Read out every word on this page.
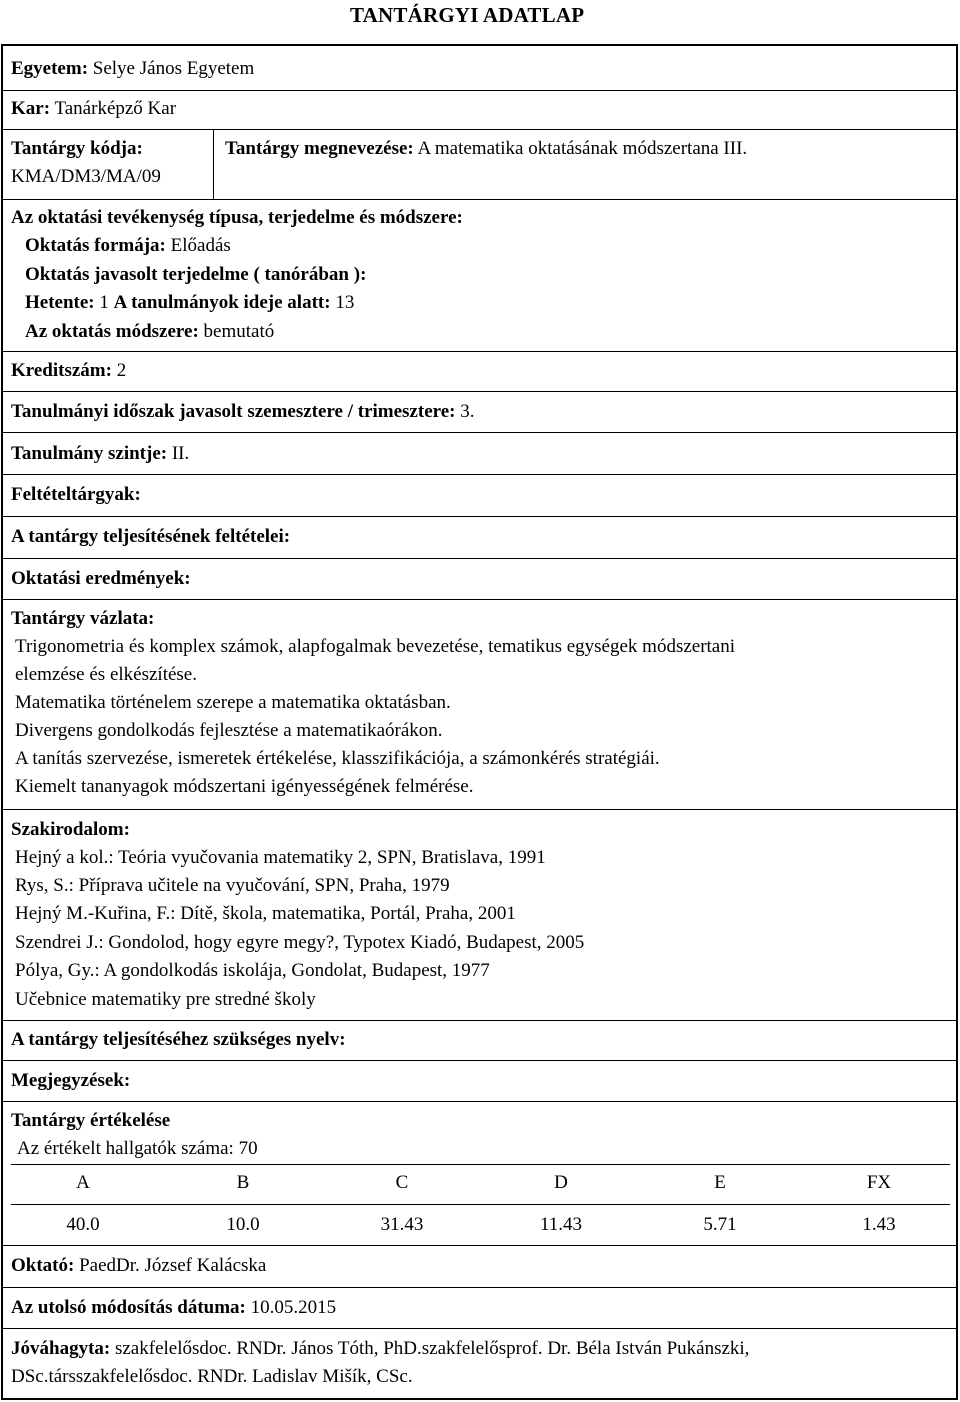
TANTÁRGYI ADATLAP
Egyetem: Selye János Egyetem
Kar: Tanárképző Kar
Tantárgy kódja:
KMA/DM3/MA/09
Tantárgy megnevezése: A matematika oktatásának módszertana III.
Az oktatási tevékenység típusa, terjedelme és módszere:
Oktatás formája: Előadás
Oktatás javasolt terjedelme ( tanórában ):
Hetente: 1 A tanulmányok ideje alatt: 13
Az oktatás módszere: bemutató
Kreditszám: 2
Tanulmányi időszak javasolt szemesztere / trimesztere: 3.
Tanulmány szintje: II.
Feltételtárgyak:
A tantárgy teljesítésének feltételei:
Oktatási eredmények:
Tantárgy vázlata:
Trigonometria és komplex számok, alapfogalmak bevezetése, tematikus egységek módszertani
elemzése és elkészítése.
Matematika történelem szerepe a matematika oktatásban.
Divergens gondolkodás fejlesztése a matematikaórákon.
A tanítás szervezése, ismeretek értékelése, klasszifikációja, a számonkérés stratégiái.
Kiemelt tananyagok módszertani igényességének felmérése.
Szakirodalom:
Hejný a kol.: Teória vyučovania matematiky 2, SPN, Bratislava, 1991
Rys, S.: Příprava učitele na vyučování, SPN, Praha, 1979
Hejný M.-Kuřina, F.: Dítě, škola, matematika, Portál, Praha, 2001
Szendrei J.: Gondolod, hogy egyre megy?, Typotex Kiadó, Budapest, 2005
Pólya, Gy.: A gondolkodás iskolája, Gondolat, Budapest, 1977
Učebnice matematiky pre stredné školy
A tantárgy teljesítéséhez szükséges nyelv:
Megjegyzések:
Tantárgy értékelése
Az értékelt hallgatók száma: 70
A	B	C	D	E	FX
40.0	10.0	31.43	11.43	5.71	1.43
Oktató: PaedDr. József Kalácska
Az utolsó módosítás dátuma: 10.05.2015
Jóváhagyta: szakfelelősdoc. RNDr. János Tóth, PhD.szakfelelősprof. Dr. Béla István Pukánszki,
DSc.társszakfelelősdoc. RNDr. Ladislav Mišík, CSc.
